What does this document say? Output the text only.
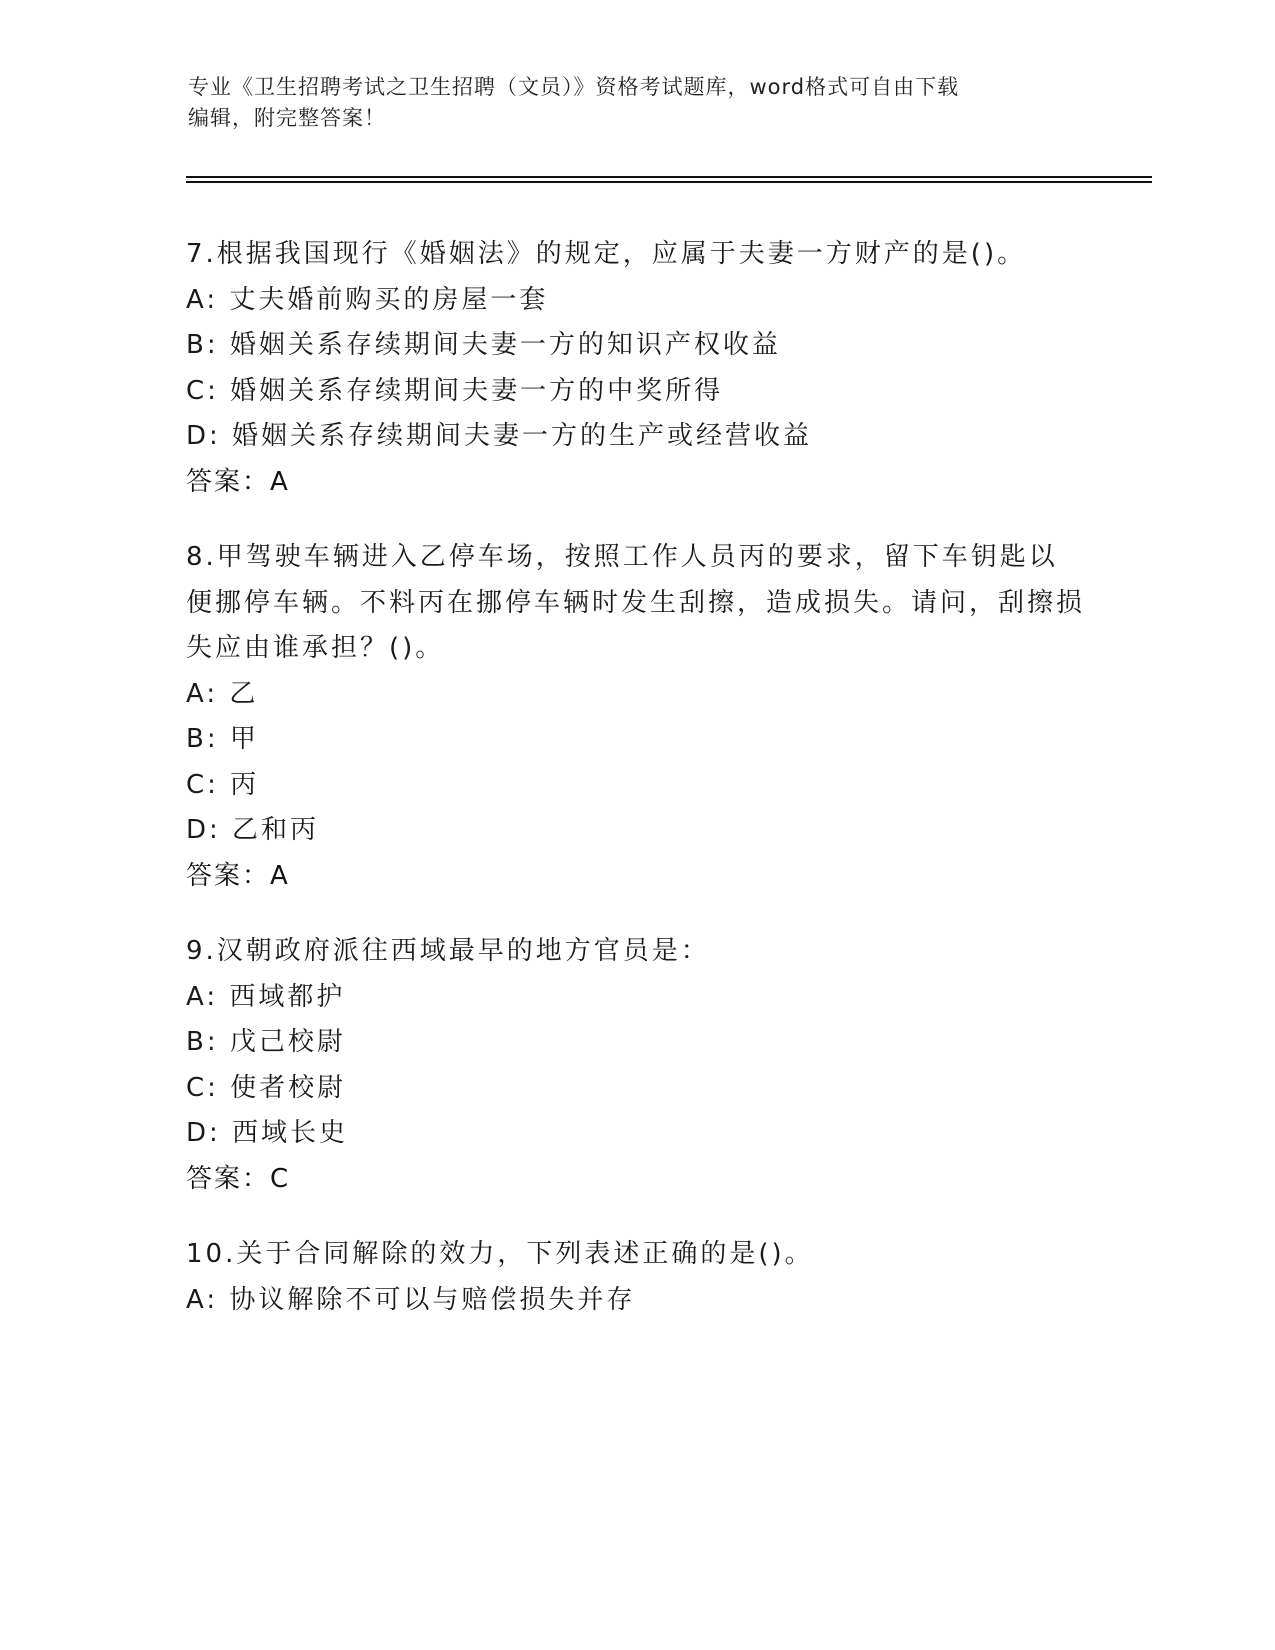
专业《卫生招聘考试之卫生招聘（文员）》资格考试题库，word格式可自由下载
编辑，附完整答案！

7.根据我国现行《婚姻法》的规定，应属于夫妻一方财产的是()。

A: 丈夫婚前购买的房屋一套

B: 婚姻关系存续期间夫妻一方的知识产权收益

C: 婚姻关系存续期间夫妻一方的中奖所得

D: 婚姻关系存续期间夫妻一方的生产或经营收益

答案：A

8.甲驾驶车辆进入乙停车场，按照工作人员丙的要求，留下车钥匙以便挪停车辆。不料丙在挪停车辆时发生刮擦，造成损失。请问，刮擦损失应由谁承担？()。

A: 乙

B: 甲

C: 丙

D: 乙和丙

答案：A

9.汉朝政府派往西域最早的地方官员是：

A: 西域都护

B: 戊己校尉

C: 使者校尉

D: 西域长史

答案：C

10.关于合同解除的效力，下列表述正确的是()。

A: 协议解除不可以与赔偿损失并存
